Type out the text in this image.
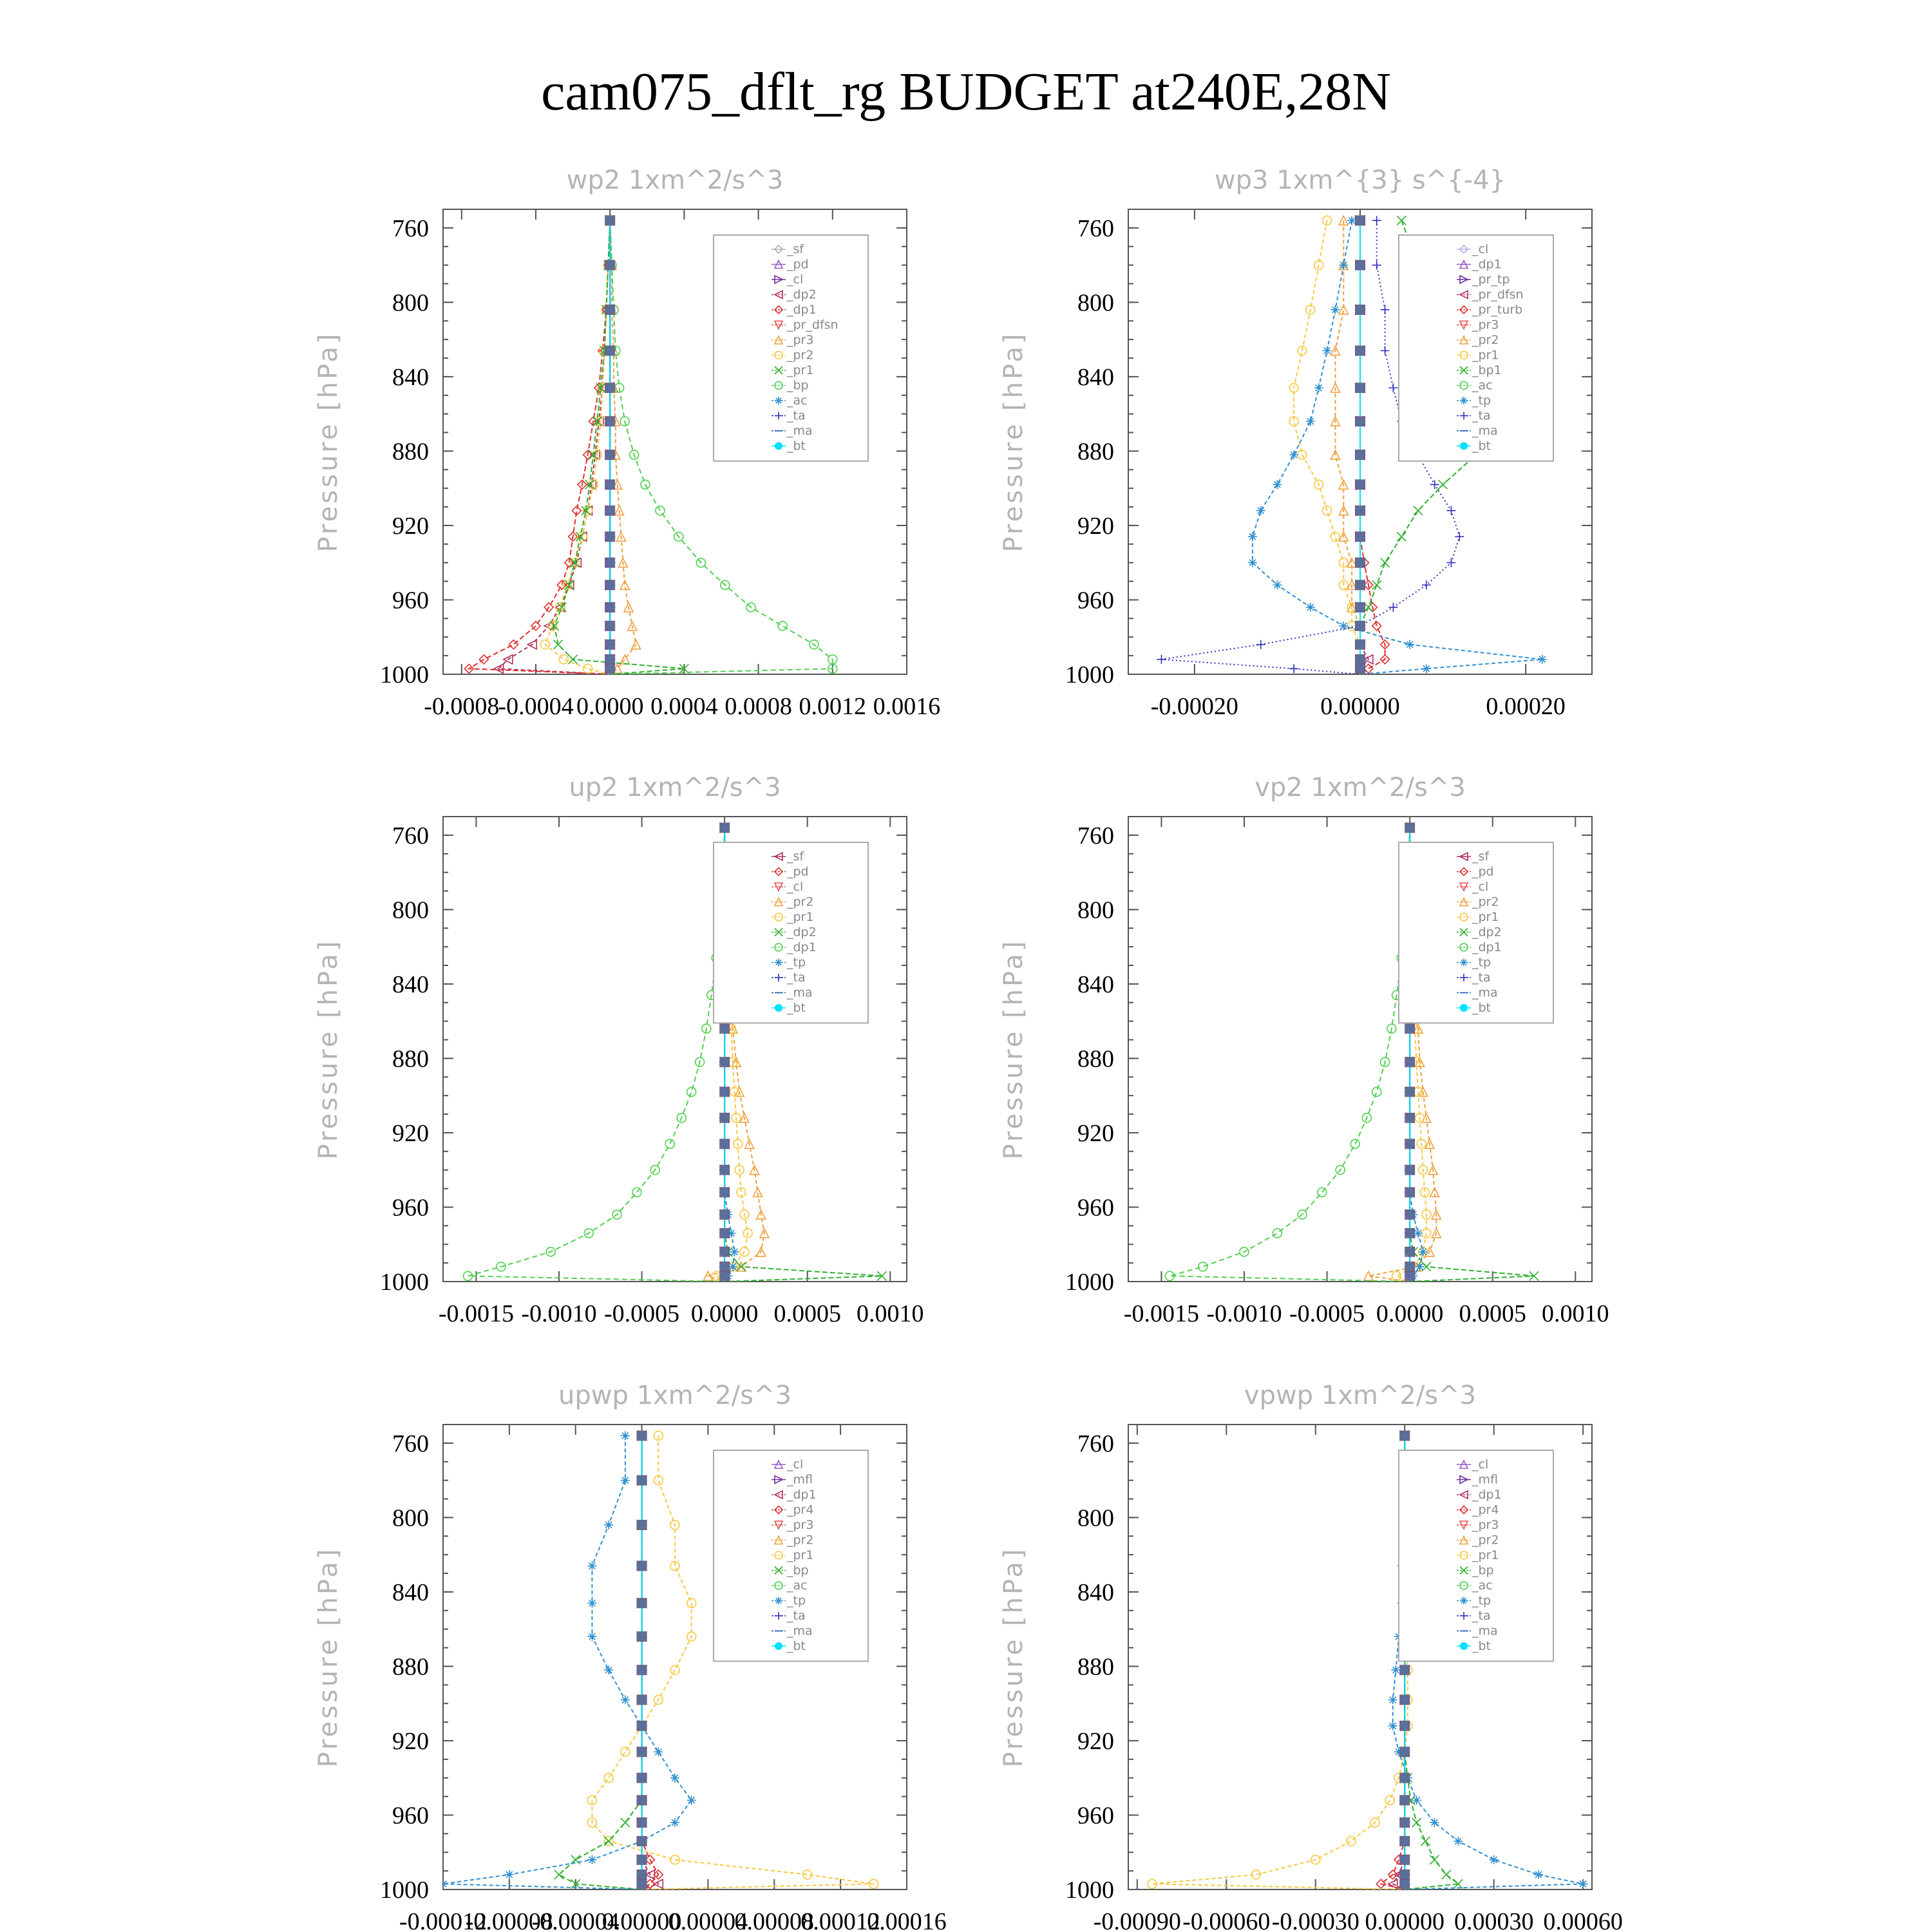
cam075_dflt_rg BUDGET at240E,28N
wp2 1xm^2/s^3
Pressure [hPa]
760
800
840
880
920
960
1000
-0.0008
-0.0004 0.0000 0.0004 0.0008 0.0012 0.0016
_sf
_pd
_cl
_dp2
_dp1
_pr_dfsn
_pr3
_pr2
_pr1
_bp
_ac
_ta
_ma
_bt
wp3 1xm^{3} s^{-4}
Pressure [hPa]
760
800
840
880
920
960
1000
-0.00020	0.00000	0.00020
_cl
_dp1
_pr_tp
_pr_dfsn
_pr_turb
_pr3
_pr2
_pr1
_bp1
_ac
_tp
_ta
_ma
_bt
up2 1xm^2/s^3
Pressure [hPa]
760
800
840
880
920
960
1000
-0.0015 -0.0010 -0.0005 0.0000 0.0005 0.0010
_sf
_pd
_cl
_pr2
_pr1
_dp2
_dp1
_tp
_ta
_ma
_bt
vp2 1xm^2/s^3
Pressure [hPa]
760
800
840
880
920
960
1000
-0.0015 -0.0010 -0.0005 0.0000 0.0005 0.0010
_sf
_pd
_cl
_pr2
_pr1
_dp2
_dp1
_tp
_ta
_ma
_bt
upwp 1xm^2/s^3
Pressure [hPa]
760
800
840
880
920
960
1000
-0.00012
-0.00008
-0.00004
0.00000
0.00004
0.00008
0.00012
0.00016
_cl
_mfl
_dp1
_pr4
_pr3
_pr2
_pr1
_bp
_ac
_tp
_ta
_ma
_bt
vpwp 1xm^2/s^3
Pressure [hPa]
760
800
840
880
920
960
1000
-0.00090 -0.00060 -0.00030 0.00000 0.00030 0.00060
_cl
_mfl
_dp1
_pr4
_pr3
_pr2
_pr1
_bp
_ac
_tp
_ta
_ma
_bt
